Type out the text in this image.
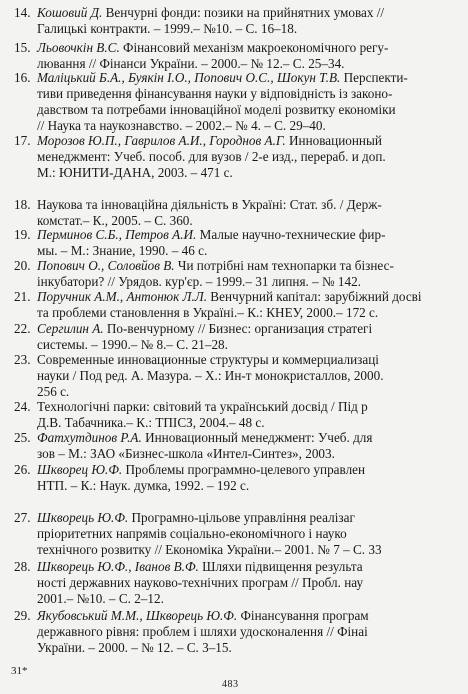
14. Кошовий Д. Венчурні фонди: позики на прийнятних умовах //
Галицькі контракти. – 1999.– №10. – С. 16–18.
15. Льовочкін В.С. Фінансовий механізм макроекономічного регу-
лювання // Фінанси України. – 2000.– № 12.– С. 25–34.
16. Маліцький Б.А., Буякін І.О., Попович О.С., Шокун Т.В. Перспекти-
тиви приведення фінансування науки у відповідність із законо-
давством та потребами інноваційної моделі розвитку економіки
// Наука та наукознавство. – 2002.– № 4. – С. 29–40.
17. Морозов Ю.П., Гаврилов А.И., Городнов А.Г. Инновационный
менеджмент: Учеб. пособ. для вузов / 2-е изд., перераб. и доп.
М.: ЮНИТИ-ДАНА, 2003. – 471 с.
18. Наукова та інноваційна діяльність в Україні: Стат. зб. / Держ-
комстат.– К., 2005. – С. 360.
19. Перминов С.Б., Петров А.И. Малые научно-технические фир-
мы. – М.: Знание, 1990. – 46 с.
20. Попович О., Соловйов В. Чи потрібні нам технопарки та бізнес-
інкубатори? // Урядов. кур'єр. – 1999.– 31 липня. – № 142.
21. Поручник А.М., Антонюк Л.Л. Венчурний капітал: зарубіжний досві
та проблеми становлення в Україні.– К.: КНЕУ, 2000.– 172 с.
22. Сергилин А. По-венчурному // Бизнес: организация стратегі
системы. – 1990.– № 8.– С. 21–28.
23. Современные инновационные структуры и коммерциализаці
науки / Под ред. А. Мазура. – Х.: Ин-т монокристаллов, 2000.
256 с.
24. Технологічні парки: світовий та український досвід / Під р
Д.В. Табачника.– К.: ТПІСЗ, 2004.– 48 с.
25. Фатхутдинов Р.А. Инновационный менеджмент: Учеб. для
зов – М.: ЗАО «Бизнес-школа «Интел-Синтез», 2003.
26. Шкворец Ю.Ф. Проблемы программно-целевого управлен
НТП. – К.: Наук. думка, 1992. – 192 с.
27. Шкворець Ю.Ф. Програмно-цільове управління реалізаг
пріоритетних напрямів соціально-економічного і науко
технічного розвитку // Економіка України.– 2001. № 7 – С. 33
28. Шкворець Ю.Ф., Іванов В.Ф. Шляхи підвищення результа
ності державних науково-технічних програм // Пробл. нау
2001.– №10. – С. 2–12.
29. Якубовський М.М., Шкворець Ю.Ф. Фінансування програм
державного рівня: проблем і шляхи удосконалення // Фінаі
України. – 2000. – № 12. – С. 3–15.
31*
483
